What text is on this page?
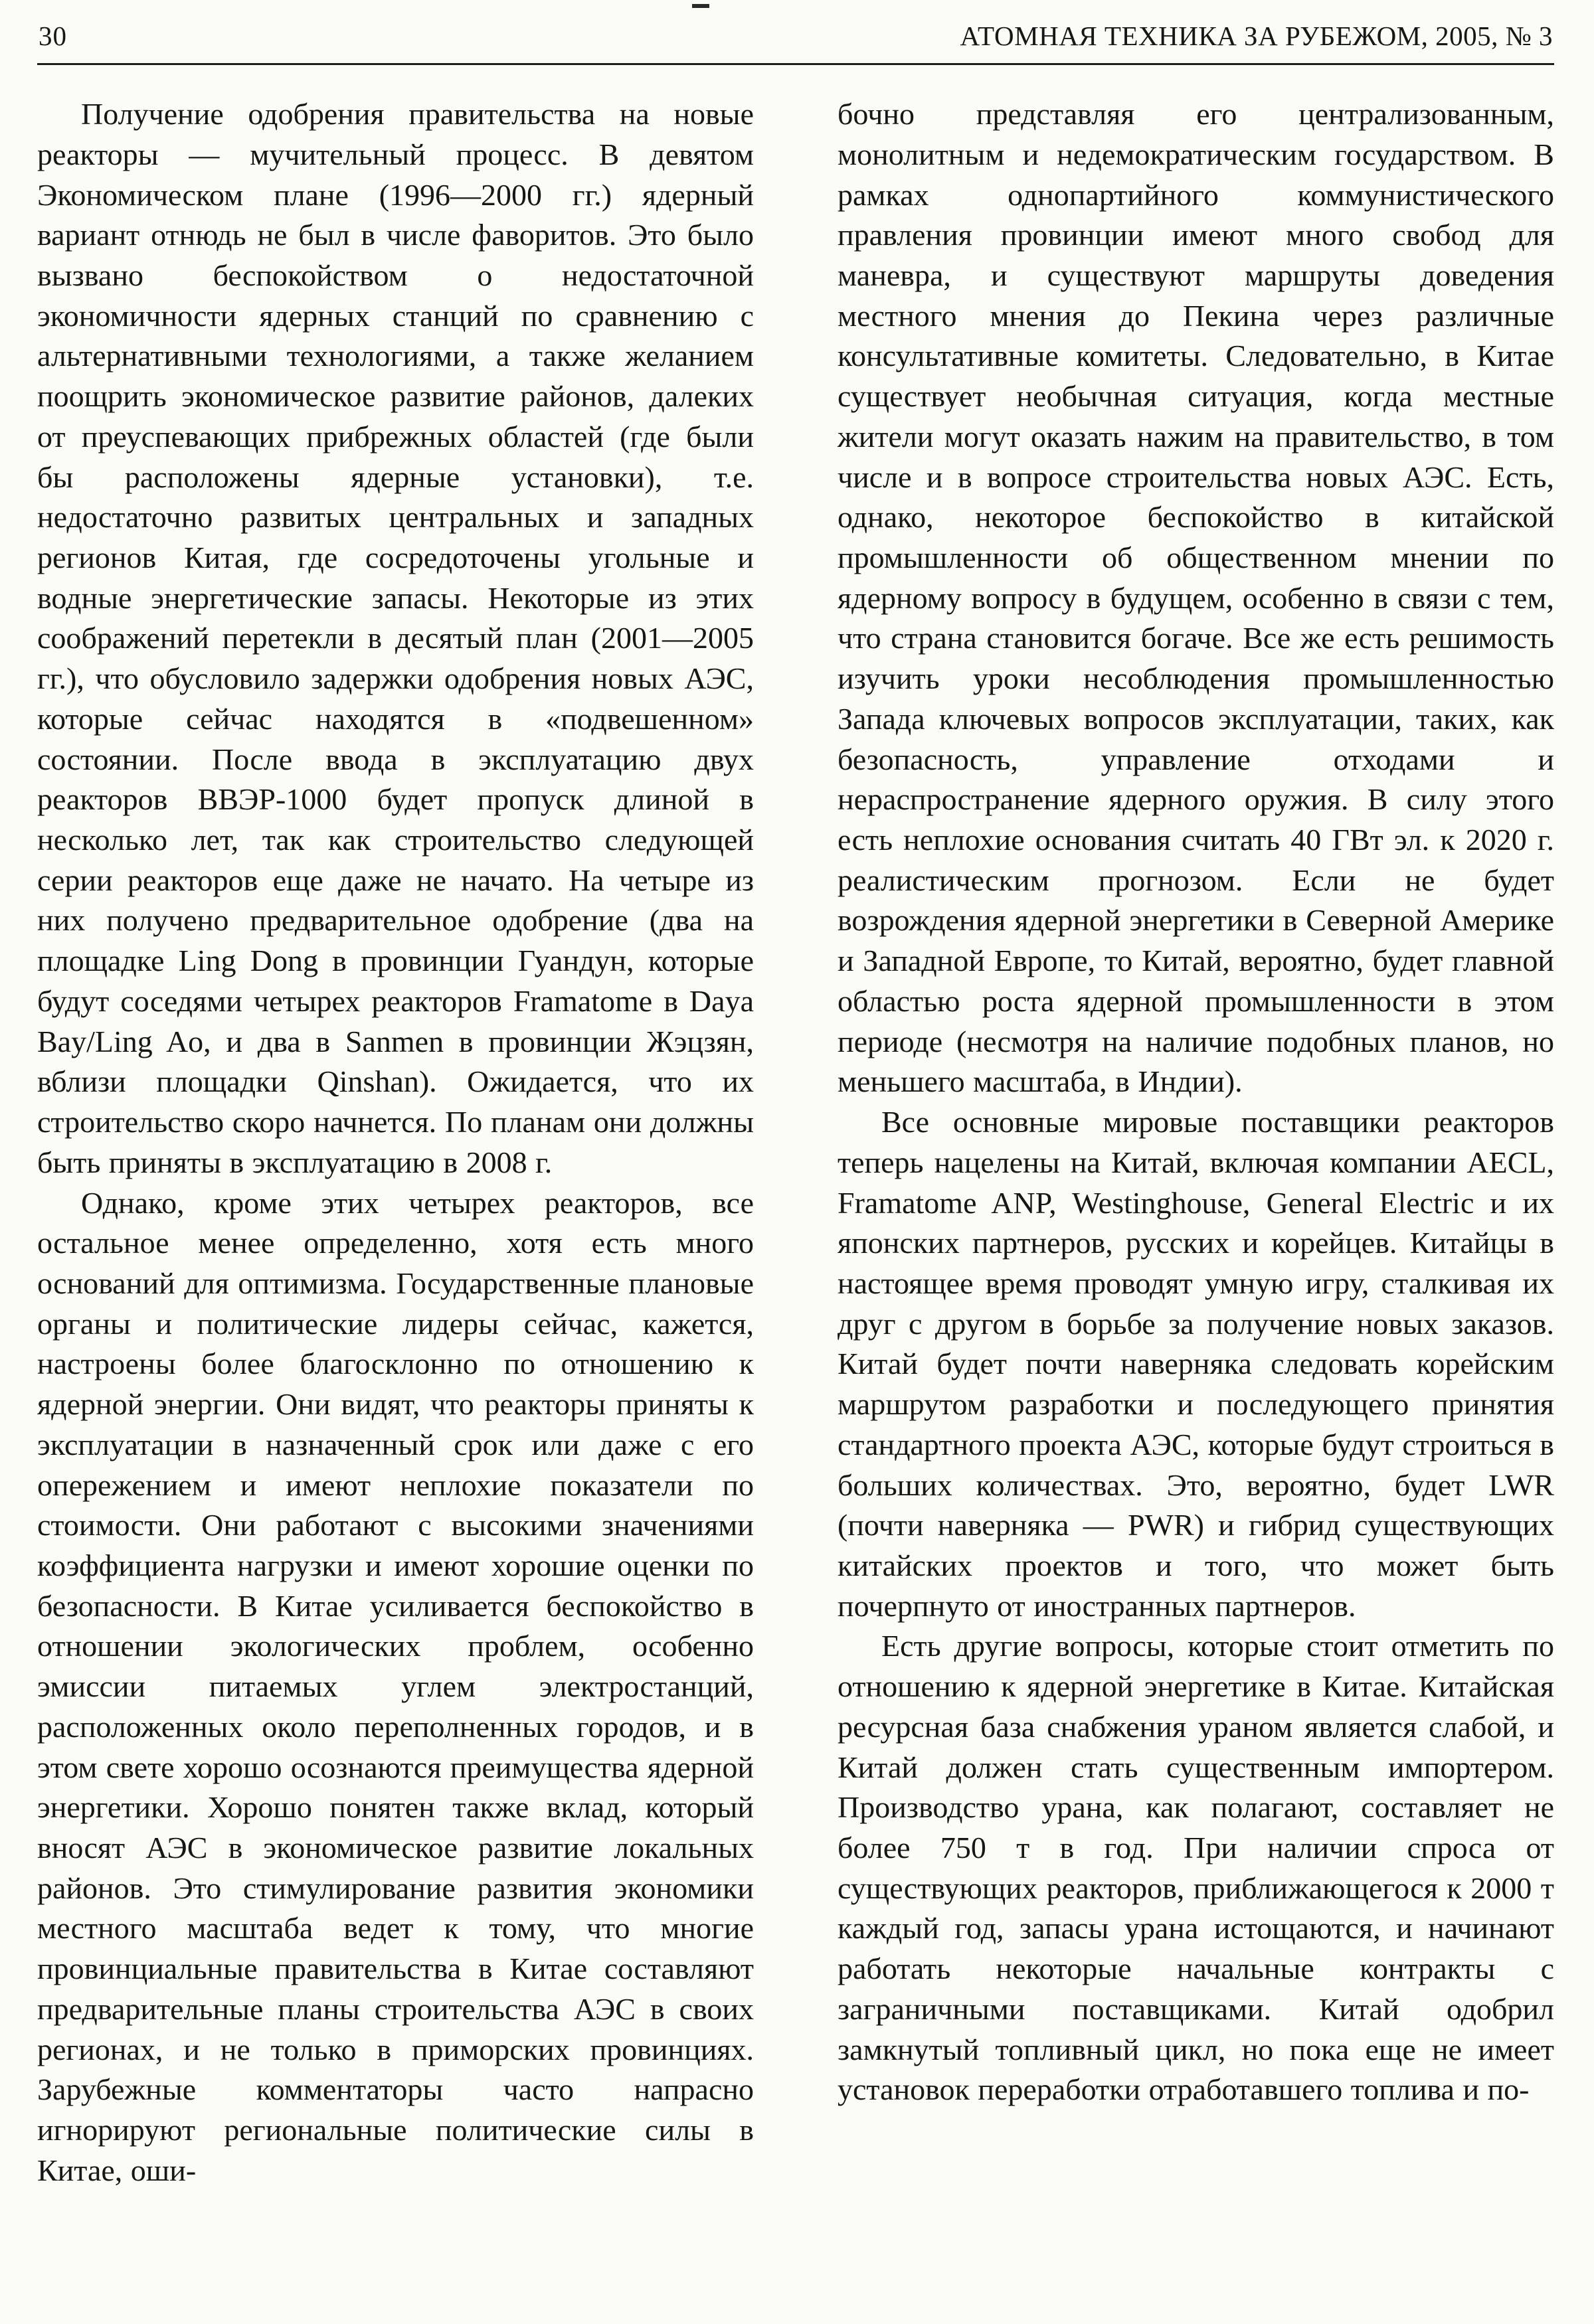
30	АТОМНАЯ ТЕХНИКА ЗА РУБЕЖОМ, 2005, № 3

Получение одобрения правительства на новые реакторы — мучительный процесс. В девятом Экономическом плане (1996—2000 гг.) ядерный вариант отнюдь не был в числе фаворитов. Это было вызвано беспокойством о недостаточной экономичности ядерных станций по сравнению с альтернативными технологиями, а также желанием поощрить экономическое развитие районов, далеких от преуспевающих прибрежных областей (где были бы расположены ядерные установки), т.е. недостаточно развитых центральных и западных регионов Китая, где сосредоточены угольные и водные энергетические запасы. Некоторые из этих соображений перетекли в десятый план (2001—2005 гг.), что обусловило задержки одобрения новых АЭС, которые сейчас находятся в «подвешенном» состоянии. После ввода в эксплуатацию двух реакторов ВВЭР-1000 будет пропуск длиной в несколько лет, так как строительство следующей серии реакторов еще даже не начато. На четыре из них получено предварительное одобрение (два на площадке Ling Dong в провинции Гуандун, которые будут соседями четырех реакторов Framatome в Daya Bay/Ling Ao, и два в Sanmen в провинции Жэцзян, вблизи площадки Qinshan). Ожидается, что их строительство скоро начнется. По планам они должны быть приняты в эксплуатацию в 2008 г.

Однако, кроме этих четырех реакторов, все остальное менее определенно, хотя есть много оснований для оптимизма. Государственные плановые органы и политические лидеры сейчас, кажется, настроены более благосклонно по отношению к ядерной энергии. Они видят, что реакторы приняты к эксплуатации в назначенный срок или даже с его опережением и имеют неплохие показатели по стоимости. Они работают с высокими значениями коэффициента нагрузки и имеют хорошие оценки по безопасности. В Китае усиливается беспокойство в отношении экологических проблем, особенно эмиссии питаемых углем электростанций, расположенных около переполненных городов, и в этом свете хорошо осознаются преимущества ядерной энергетики. Хорошо понятен также вклад, который вносят АЭС в экономическое развитие локальных районов. Это стимулирование развития экономики местного масштаба ведет к тому, что многие провинциальные правительства в Китае составляют предварительные планы строительства АЭС в своих регионах, и не только в приморских провинциях. Зарубежные комментаторы часто напрасно игнорируют региональные политические силы в Китае, оши-

бочно представляя его централизованным, монолитным и недемократическим государством. В рамках однопартийного коммунистического правления провинции имеют много свобод для маневра, и существуют маршруты доведения местного мнения до Пекина через различные консультативные комитеты. Следовательно, в Китае существует необычная ситуация, когда местные жители могут оказать нажим на правительство, в том числе и в вопросе строительства новых АЭС. Есть, однако, некоторое беспокойство в китайской промышленности об общественном мнении по ядерному вопросу в будущем, особенно в связи с тем, что страна становится богаче. Все же есть решимость изучить уроки несоблюдения промышленностью Запада ключевых вопросов эксплуатации, таких, как безопасность, управление отходами и нераспространение ядерного оружия. В силу этого есть неплохие основания считать 40 ГВт эл. к 2020 г. реалистическим прогнозом. Если не будет возрождения ядерной энергетики в Северной Америке и Западной Европе, то Китай, вероятно, будет главной областью роста ядерной промышленности в этом периоде (несмотря на наличие подобных планов, но меньшего масштаба, в Индии).

Все основные мировые поставщики реакторов теперь нацелены на Китай, включая компании AECL, Framatome ANP, Westinghouse, General Electric и их японских партнеров, русских и корейцев. Китайцы в настоящее время проводят умную игру, сталкивая их друг с другом в борьбе за получение новых заказов. Китай будет почти наверняка следовать корейским маршрутом разработки и последующего принятия стандартного проекта АЭС, которые будут строиться в больших количествах. Это, вероятно, будет LWR (почти наверняка — PWR) и гибрид существующих китайских проектов и того, что может быть почерпнуто от иностранных партнеров.

Есть другие вопросы, которые стоит отметить по отношению к ядерной энергетике в Китае. Китайская ресурсная база снабжения ураном является слабой, и Китай должен стать существенным импортером. Производство урана, как полагают, составляет не более 750 т в год. При наличии спроса от существующих реакторов, приближающегося к 2000 т каждый год, запасы урана истощаются, и начинают работать некоторые начальные контракты с заграничными поставщиками. Китай одобрил замкнутый топливный цикл, но пока еще не имеет установок переработки отработавшего топлива и по-
